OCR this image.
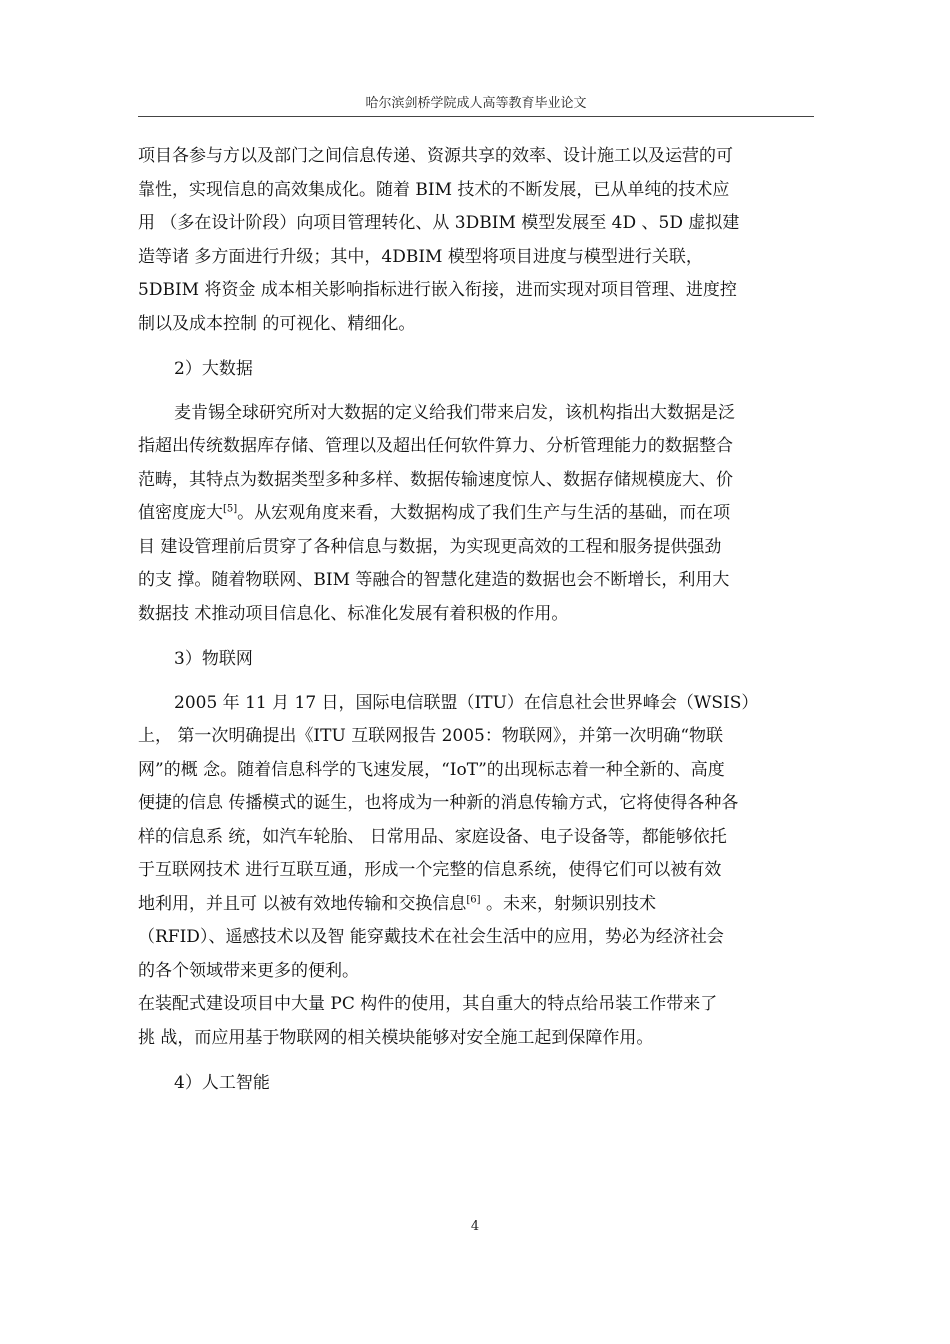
哈尔滨剑桥学院成人高等教育毕业论文
项目各参与方以及部门之间信息传递、资源共享的效率、设计施工以及运营的可
靠性，实现信息的高效集成化。随着 BIM 技术的不断发展，已从单纯的技术应
用 （多在设计阶段）向项目管理转化、从 3DBIM 模型发展至 4D 、5D 虚拟建
造等诸 多方面进行升级；其中，4DBIM 模型将项目进度与模型进行关联，
5DBIM 将资金 成本相关影响指标进行嵌入衔接，进而实现对项目管理、进度控
制以及成本控制 的可视化、精细化。
2）大数据
麦肯锡全球研究所对大数据的定义给我们带来启发，该机构指出大数据是泛
指超出传统数据库存储、管理以及超出任何软件算力、分析管理能力的数据整合
范畴，其特点为数据类型多种多样、数据传输速度惊人、数据存储规模庞大、价
值密度庞大[5]。从宏观角度来看，大数据构成了我们生产与生活的基础，而在项
目 建设管理前后贯穿了各种信息与数据，为实现更高效的工程和服务提供强劲
的支 撑。随着物联网、BIM 等融合的智慧化建造的数据也会不断增长，利用大
数据技 术推动项目信息化、标准化发展有着积极的作用。
3）物联网
2005 年 11 月 17 日，国际电信联盟（ITU）在信息社会世界峰会（WSIS）
上， 第一次明确提出《ITU 互联网报告 2005：物联网》，并第一次明确“物联
网”的概 念。随着信息科学的飞速发展，“IoT”的出现标志着一种全新的、高度
便捷的信息 传播模式的诞生，也将成为一种新的消息传输方式，它将使得各种各
样的信息系 统，如汽车轮胎、 日常用品、家庭设备、电子设备等，都能够依托
于互联网技术 进行互联互通，形成一个完整的信息系统，使得它们可以被有效
地利用，并且可 以被有效地传输和交换信息[6] 。未来，射频识别技术
（RFID）、遥感技术以及智 能穿戴技术在社会生活中的应用，势必为经济社会
的各个领域带来更多的便利。
在装配式建设项目中大量 PC 构件的使用，其自重大的特点给吊装工作带来了
挑 战，而应用基于物联网的相关模块能够对安全施工起到保障作用。
4）人工智能
4
